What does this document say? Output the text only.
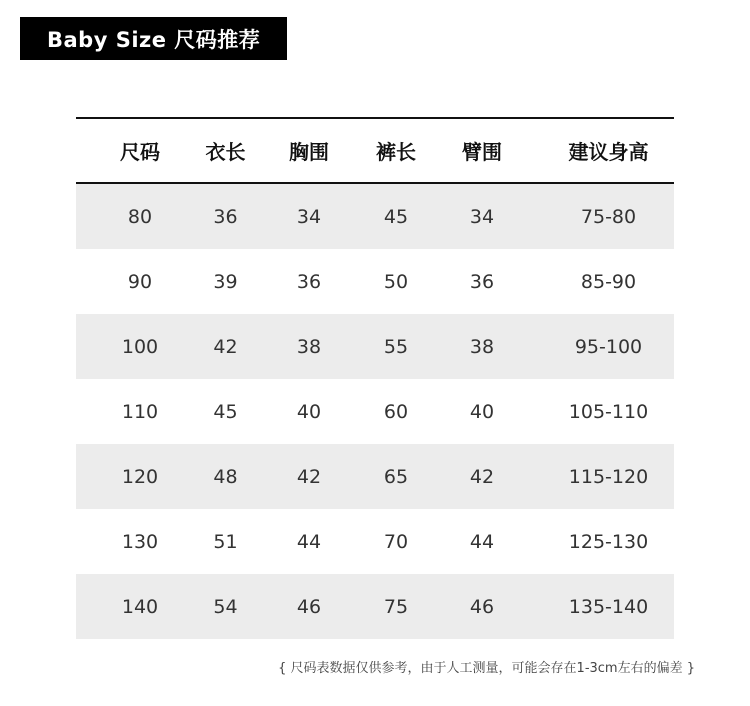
Baby Size 尺码推荐
尺码	衣长	胸围	裤长	臂围	建议身高
80	36	34	45	34	75-80
90	39	36	50	36	85-90
100	42	38	55	38	95-100
110	45	40	60	40	105-110
120	48	42	65	42	115-120
130	51	44	70	44	125-130
140	54	46	75	46	135-140
{ 尺码表数据仅供参考，由于人工测量，可能会存在1-3cm左右的偏差 }
